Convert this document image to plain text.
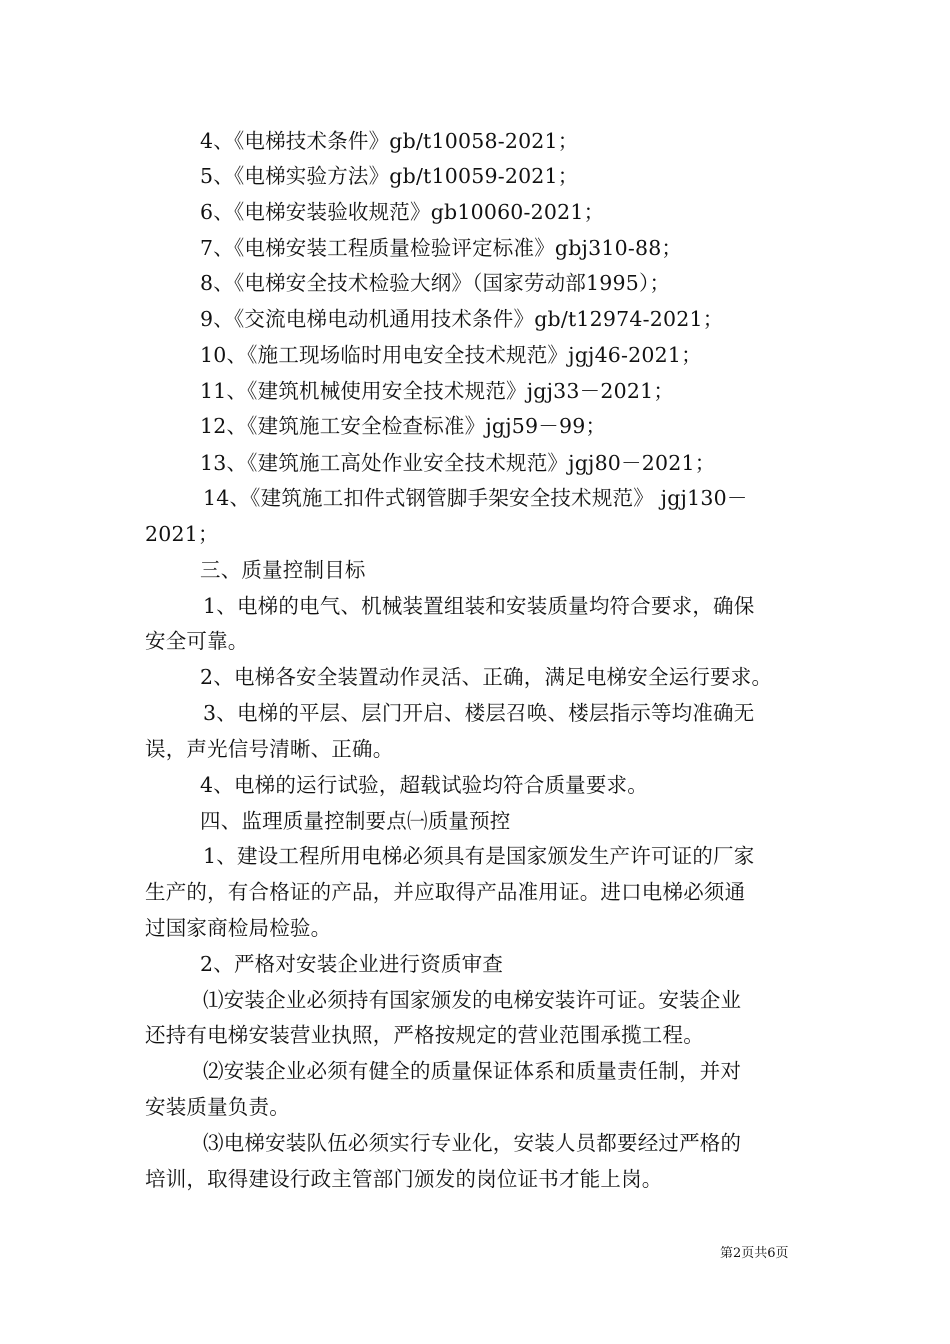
4、《电梯技术条件》gb/t10058-2021；
5、《电梯实验方法》gb/t10059-2021；
6、《电梯安装验收规范》gb10060-2021；
7、《电梯安装工程质量检验评定标准》gbj310-88；
8、《电梯安全技术检验大纲》（国家劳动部1995）；
9、《交流电梯电动机通用技术条件》gb/t12974-2021；
10、《施工现场临时用电安全技术规范》jgj46-2021；
11、《建筑机械使用安全技术规范》jgj33－2021；
12、《建筑施工安全检查标准》jgj59－99；
13、《建筑施工高处作业安全技术规范》jgj80－2021；
14、《建筑施工扣件式钢管脚手架安全技术规范》 jgj130－
2021；
三、质量控制目标
1、电梯的电气、机械装置组装和安装质量均符合要求，确保
安全可靠。
2、电梯各安全装置动作灵活、正确，满足电梯安全运行要求。
3、电梯的平层、层门开启、楼层召唤、楼层指示等均准确无
误，声光信号清晰、正确。
4、电梯的运行试验，超载试验均符合质量要求。
四、监理质量控制要点㈠质量预控
1、建设工程所用电梯必须具有是国家颁发生产许可证的厂家
生产的，有合格证的产品，并应取得产品准用证。进口电梯必须通
过国家商检局检验。
2、严格对安装企业进行资质审查
⑴安装企业必须持有国家颁发的电梯安装许可证。安装企业
还持有电梯安装营业执照，严格按规定的营业范围承揽工程。
⑵安装企业必须有健全的质量保证体系和质量责任制，并对
安装质量负责。
⑶电梯安装队伍必须实行专业化，安装人员都要经过严格的
培训，取得建设行政主管部门颁发的岗位证书才能上岗。
第2页共6页
